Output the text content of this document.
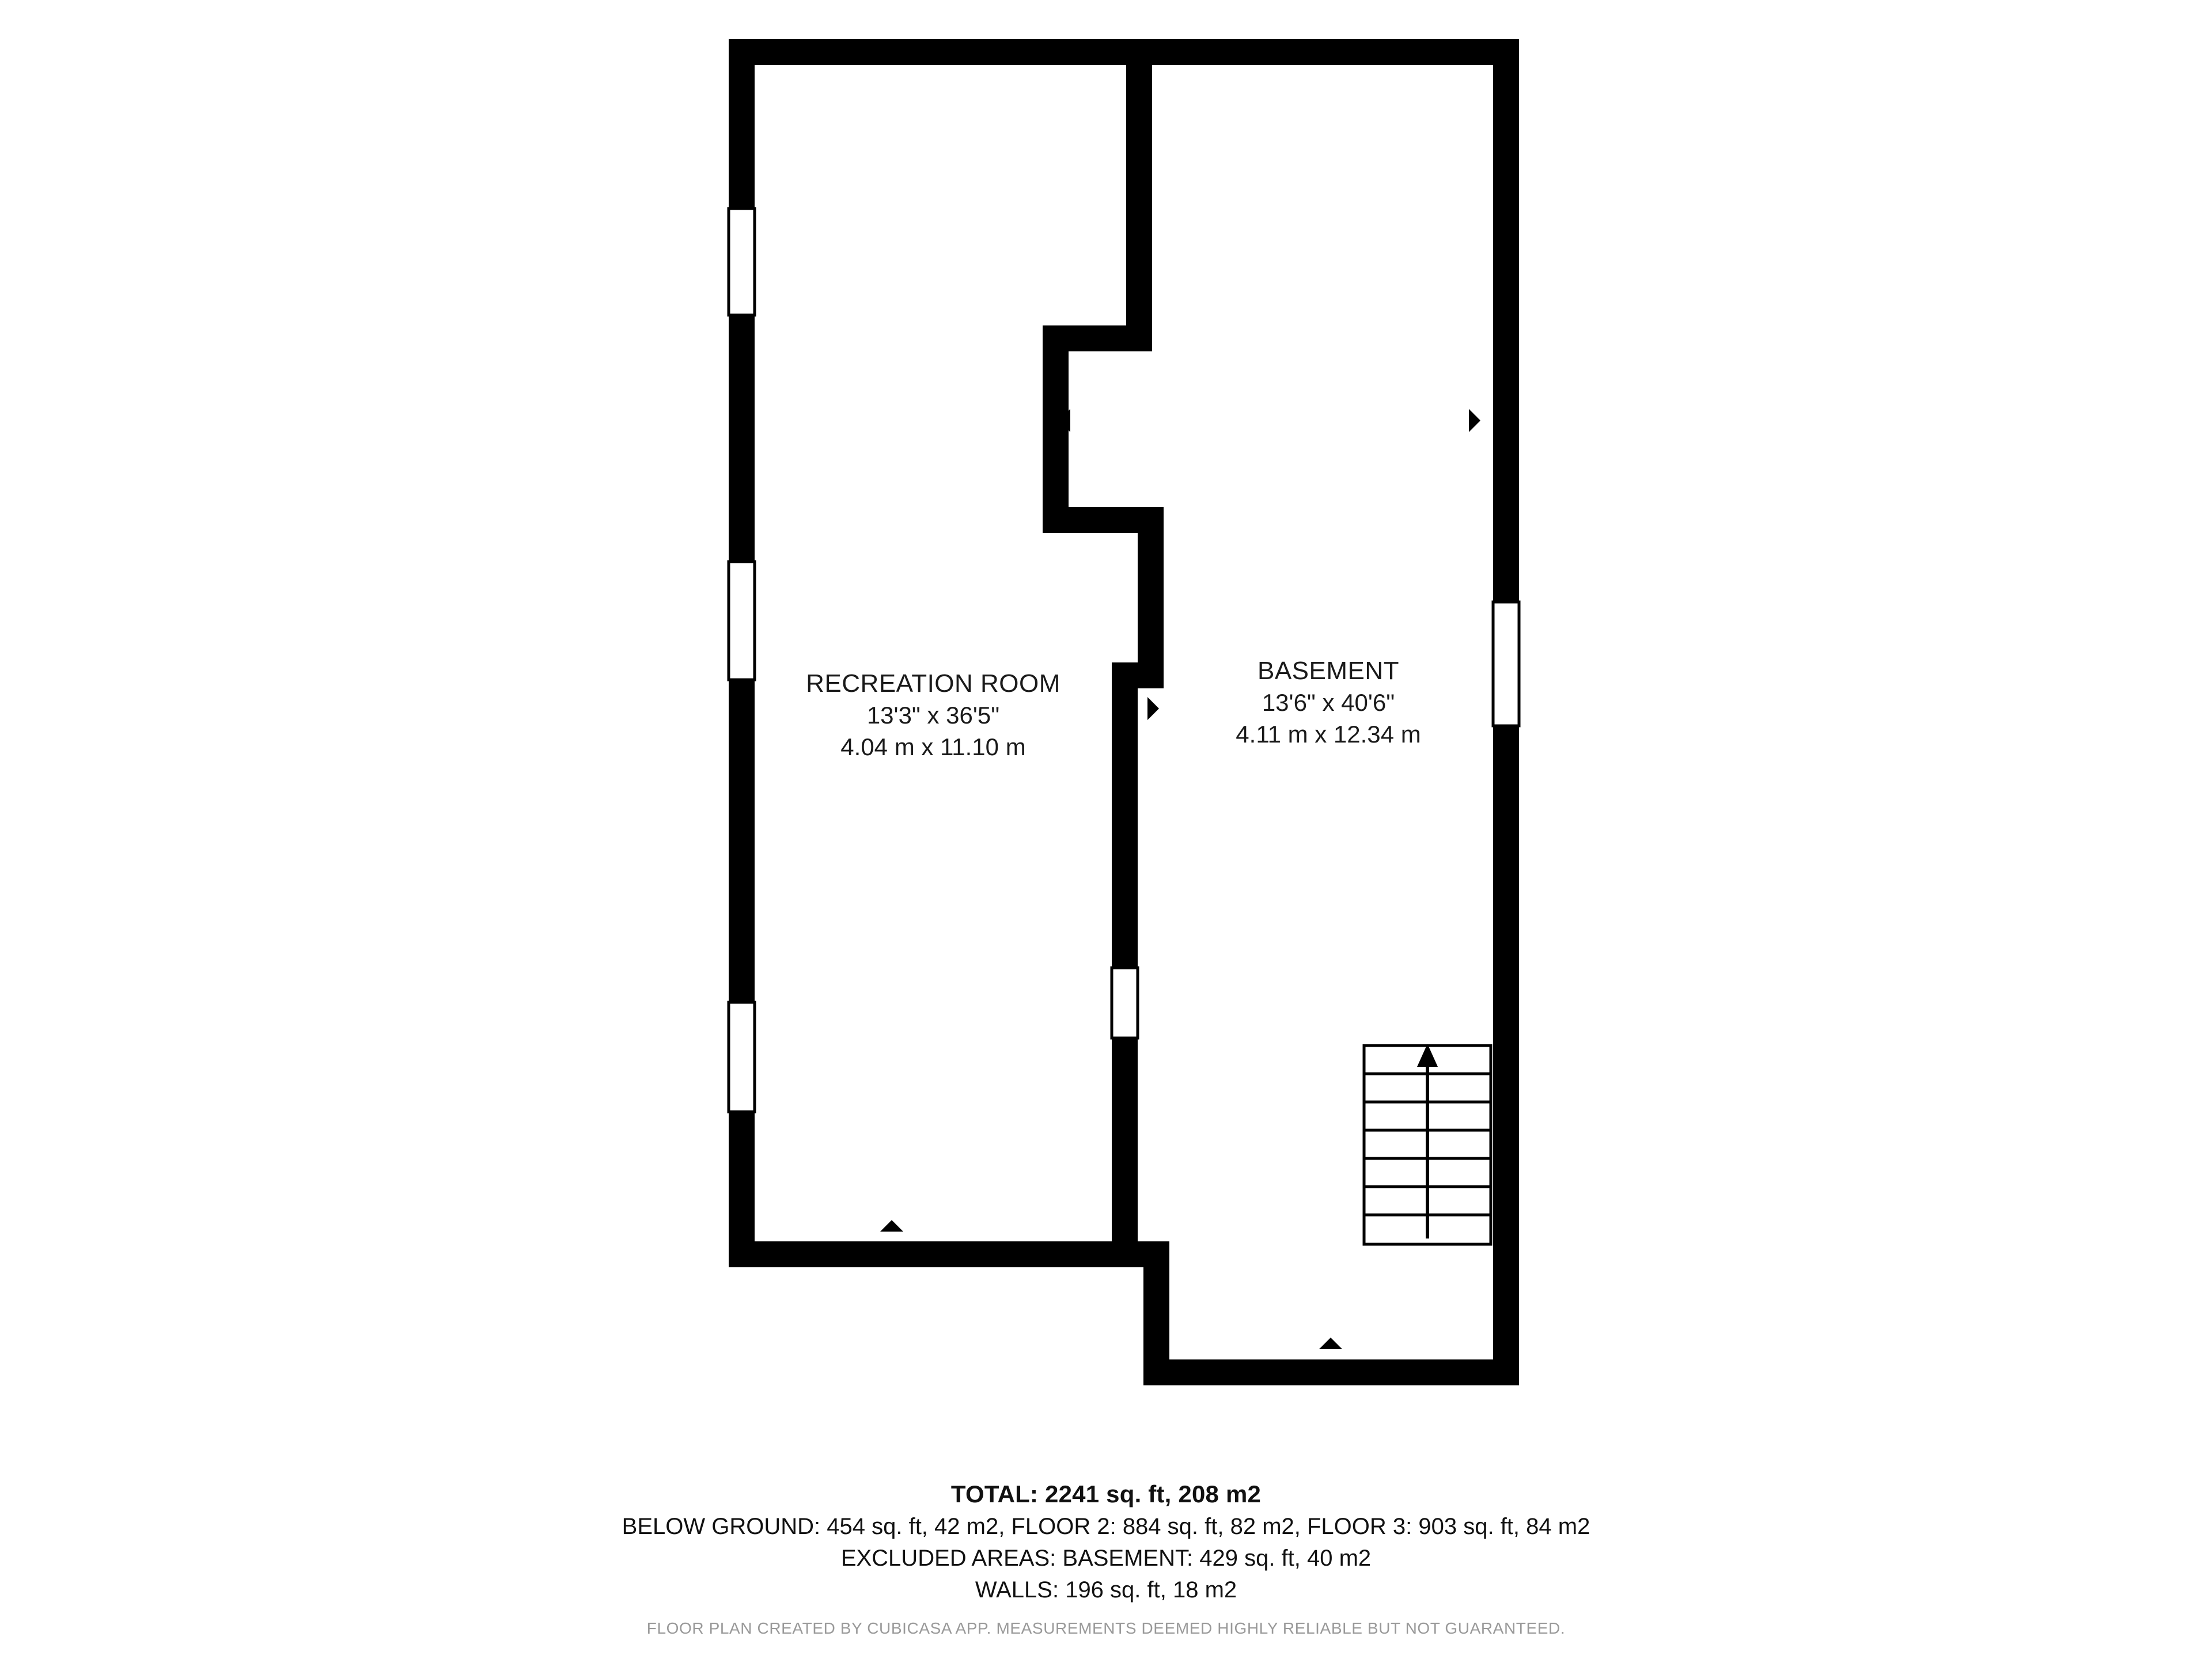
RECREATION ROOM
13'3" x 36'5"
4.04 m x 11.10 m
BASEMENT
13'6" x 40'6"
4.11 m x 12.34 m
TOTAL: 2241 sq. ft, 208 m2
BELOW GROUND: 454 sq. ft, 42 m2, FLOOR 2: 884 sq. ft, 82 m2, FLOOR 3: 903 sq. ft, 84 m2
EXCLUDED AREAS: BASEMENT: 429 sq. ft, 40 m2
WALLS: 196 sq. ft, 18 m2
FLOOR PLAN CREATED BY CUBICASA APP. MEASUREMENTS DEEMED HIGHLY RELIABLE BUT NOT GUARANTEED.
